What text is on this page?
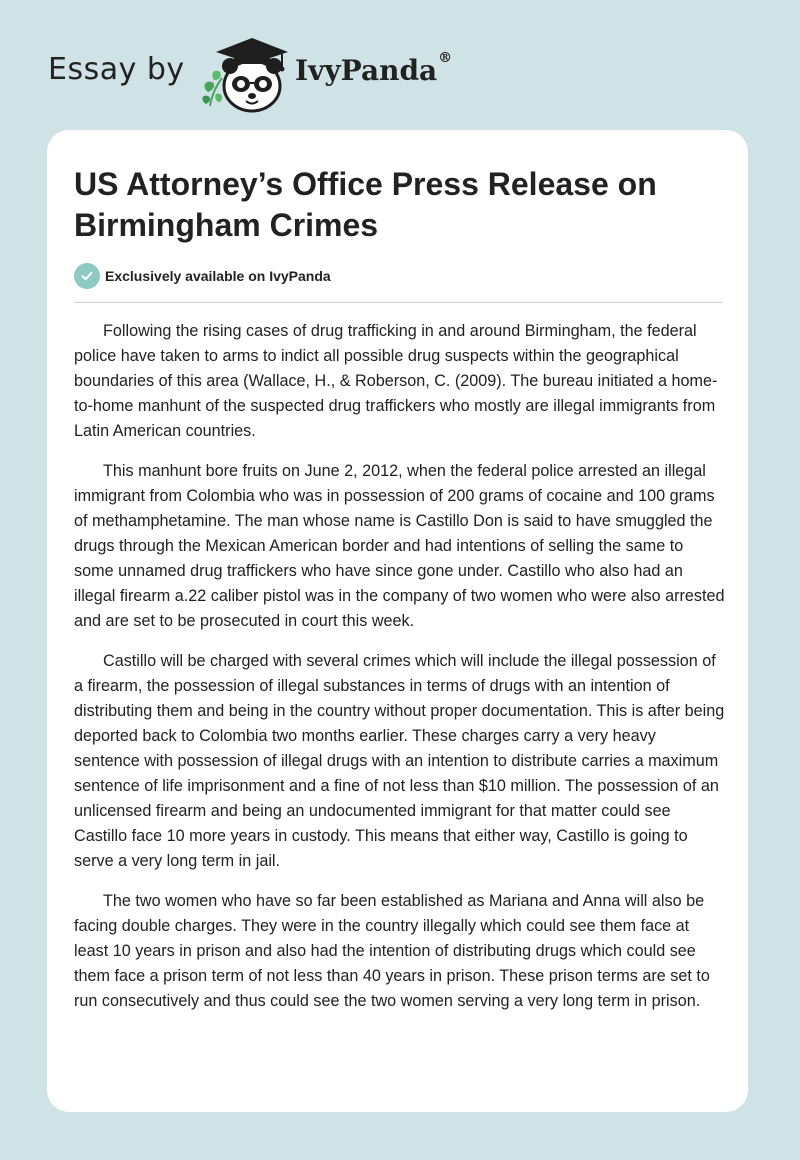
Essay by	IvyPanda®
US Attorney’s Office Press Release on Birmingham Crimes
Exclusively available on IvyPanda

Following the rising cases of drug trafficking in and around Birmingham, the federal police have taken to arms to indict all possible drug suspects within the geographical boundaries of this area (Wallace, H., & Roberson, C. (2009). The bureau initiated a home-to-home manhunt of the suspected drug traffickers who mostly are illegal immigrants from Latin American countries.

This manhunt bore fruits on June 2, 2012, when the federal police arrested an illegal immigrant from Colombia who was in possession of 200 grams of cocaine and 100 grams of methamphetamine. The man whose name is Castillo Don is said to have smuggled the drugs through the Mexican American border and had intentions of selling the same to some unnamed drug traffickers who have since gone under. Castillo who also had an illegal firearm a.22 caliber pistol was in the company of two women who were also arrested and are set to be prosecuted in court this week.

Castillo will be charged with several crimes which will include the illegal possession of a firearm, the possession of illegal substances in terms of drugs with an intention of distributing them and being in the country without proper documentation. This is after being deported back to Colombia two months earlier. These charges carry a very heavy sentence with possession of illegal drugs with an intention to distribute carries a maximum sentence of life imprisonment and a fine of not less than $10 million. The possession of an unlicensed firearm and being an undocumented immigrant for that matter could see Castillo face 10 more years in custody. This means that either way, Castillo is going to serve a very long term in jail.

The two women who have so far been established as Mariana and Anna will also be facing double charges. They were in the country illegally which could see them face at least 10 years in prison and also had the intention of distributing drugs which could see them face a prison term of not less than 40 years in prison. These prison terms are set to run consecutively and thus could see the two women serving a very long term in prison.
